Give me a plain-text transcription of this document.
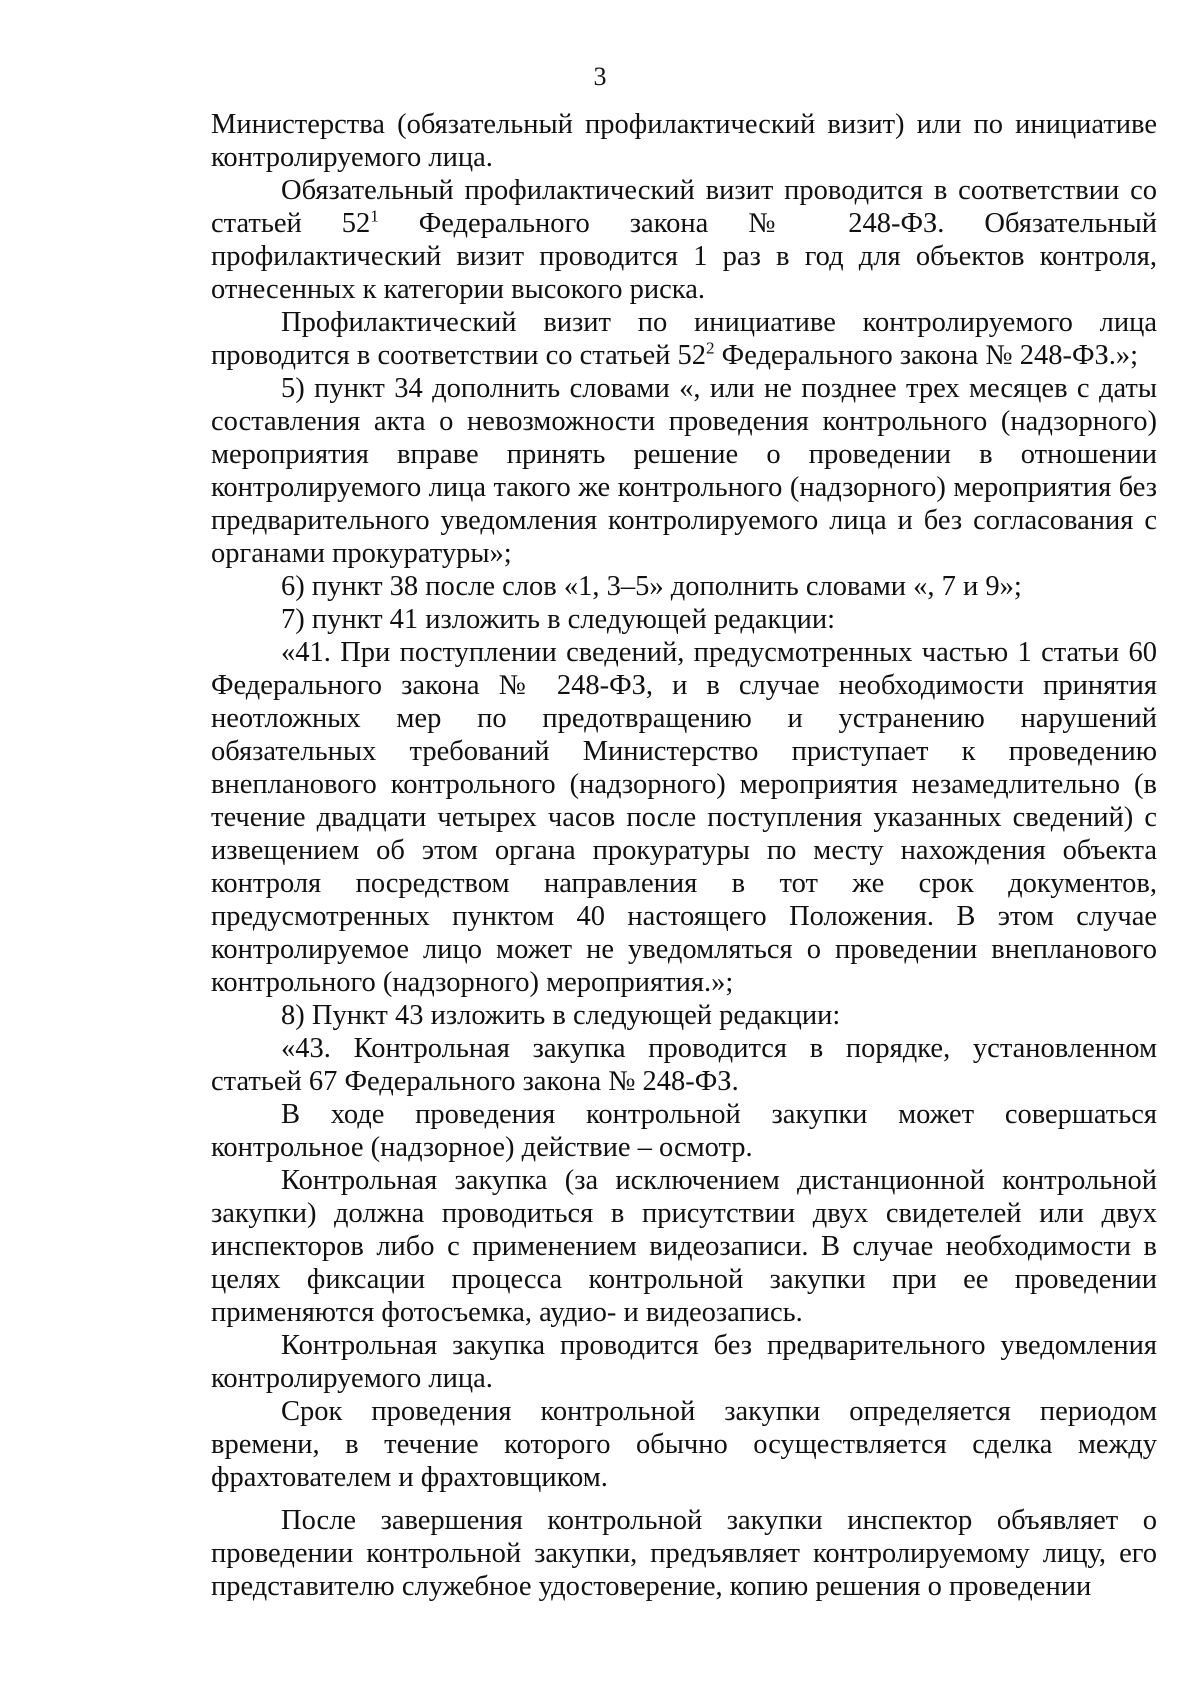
3

Министерства (обязательный профилактический визит) или по инициативе контролируемого лица.

Обязательный профилактический визит проводится в соответствии со статьей $52^1$ Федерального закона № 248-ФЗ. Обязательный профилактический визит проводится 1 раз в год для объектов контроля, отнесенных к категории высокого риска.

Профилактический визит по инициативе контролируемого лица проводится в соответствии со статьей $52^2$ Федерального закона № 248-ФЗ.»;

5) пункт 34 дополнить словами «, или не позднее трех месяцев с даты составления акта о невозможности проведения контрольного (надзорного) мероприятия вправе принять решение о проведении в отношении контролируемого лица такого же контрольного (надзорного) мероприятия без предварительного уведомления контролируемого лица и без согласования с органами прокуратуры»;

6) пункт 38 после слов «1, 3–5» дополнить словами «, 7 и 9»;

7) пункт 41 изложить в следующей редакции:

«41. При поступлении сведений, предусмотренных частью 1 статьи 60 Федерального закона № 248-ФЗ, и в случае необходимости принятия неотложных мер по предотвращению и устранению нарушений обязательных требований Министерство приступает к проведению внепланового контрольного (надзорного) мероприятия незамедлительно (в течение двадцати четырех часов после поступления указанных сведений) с извещением об этом органа прокуратуры по месту нахождения объекта контроля посредством направления в тот же срок документов, предусмотренных пунктом 40 настоящего Положения. В этом случае контролируемое лицо может не уведомляться о проведении внепланового контрольного (надзорного) мероприятия.»;

8) Пункт 43 изложить в следующей редакции:

«43. Контрольная закупка проводится в порядке, установленном статьей 67 Федерального закона № 248-ФЗ.

В ходе проведения контрольной закупки может совершаться контрольное (надзорное) действие – осмотр.

Контрольная закупка (за исключением дистанционной контрольной закупки) должна проводиться в присутствии двух свидетелей или двух инспекторов либо с применением видеозаписи. В случае необходимости в целях фиксации процесса контрольной закупки при ее проведении применяются фотосъемка, аудио- и видеозапись.

Контрольная закупка проводится без предварительного уведомления контролируемого лица.

Срок проведения контрольной закупки определяется периодом времени, в течение которого обычно осуществляется сделка между фрахтователем и фрахтовщиком.

После завершения контрольной закупки инспектор объявляет о проведении контрольной закупки, предъявляет контролируемому лицу, его представителю служебное удостоверение, копию решения о проведении
